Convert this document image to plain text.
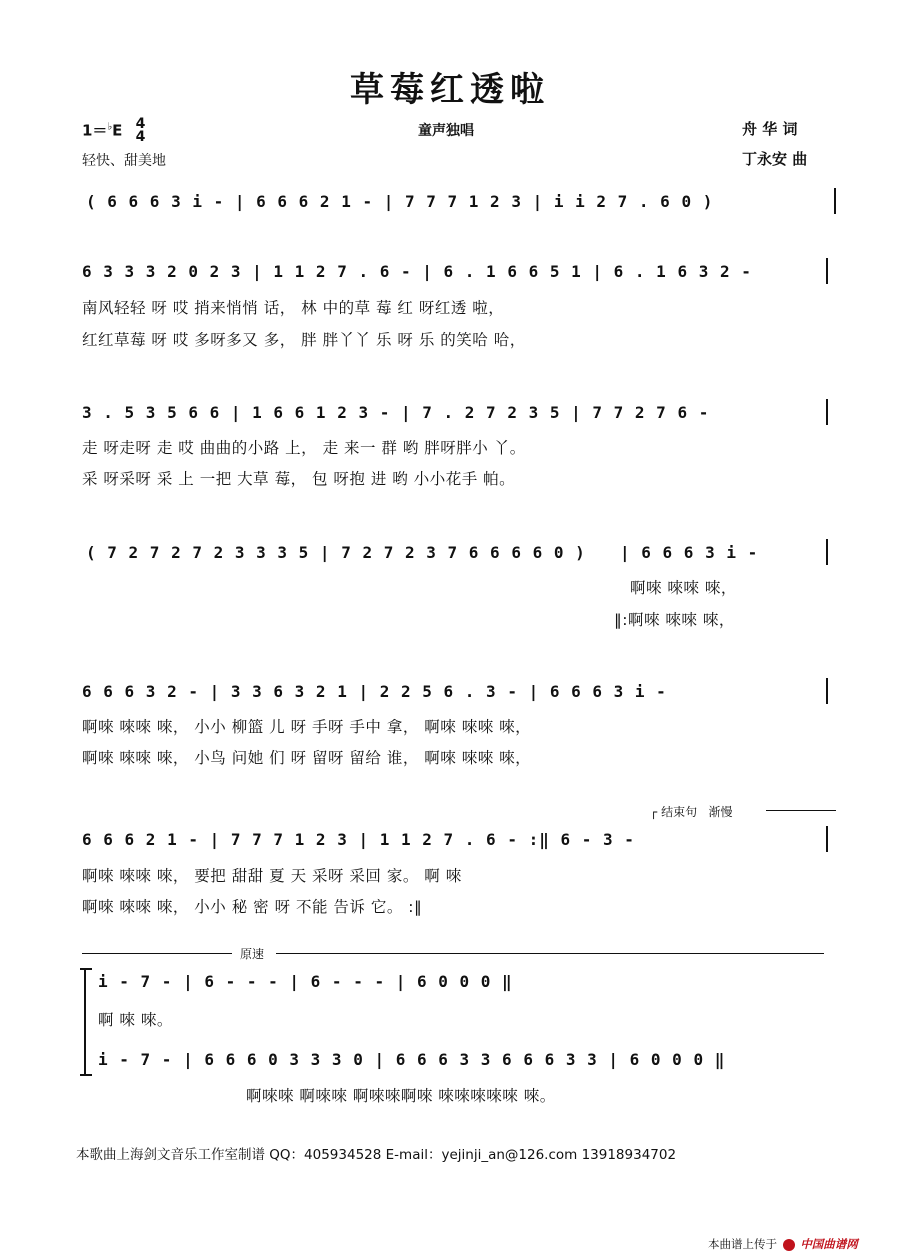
草莓红透啦
1＝♭E 4
4	童声独唱	舟 华 词
轻快、甜美地	丁永安 曲
( 6 6 6 3 i - | 6 6 6 2 1 - | 7 7 7 1 2 3 | i i 2 7 . 6 0 )
6 3 3 3 2 0 2 3 | 1 1 2 7 . 6 - | 6 . 1 6 6 5 1 | 6 . 1 6 3 2 -
南风轻轻 呀 哎 捎来悄悄 话， 林 中的草 莓 红 呀红透 啦，
红红草莓 呀 哎 多呀多又 多， 胖 胖丫丫 乐 呀 乐 的笑哈 哈，
3 . 5 3 5 6 6 | 1 6 6 1 2 3 - | 7 . 2 7 2 3 5 | 7 7 2 7 6 -
走 呀走呀 走 哎 曲曲的小路 上， 走 来一 群 哟 胖呀胖小 丫。
采 呀采呀 采 上 一把 大草 莓， 包 呀抱 进 哟 小小花手 帕。
( 7 2 7 2 7 2 3 3 3 5 | 7 2 7 2 3 7 6 6 6 6 0 ) | 6 6 6 3 i -
啊唻 唻唻 唻，
‖:啊唻 唻唻 唻，
6 6 6 3 2 - | 3 3 6 3 2 1 | 2 2 5 6 . 3 - | 6 6 6 3 i -
啊唻 唻唻 唻， 小小 柳篮 儿 呀 手呀 手中 拿， 啊唻 唻唻 唻，
啊唻 唻唻 唻， 小鸟 问她 们 呀 留呀 留给 谁， 啊唻 唻唻 唻，
┌ 结束句 渐慢
6 6 6 2 1 - | 7 7 7 1 2 3 | 1 1 2 7 . 6 - :‖ 6 - 3 -
啊唻 唻唻 唻， 要把 甜甜 夏 天 采呀 采回 家。 啊 唻
啊唻 唻唻 唻， 小小 秘 密 呀 不能 告诉 它。 :‖
原速
i - 7 - | 6 - - - | 6 - - - | 6 0 0 0 ‖
啊 唻 唻。
i - 7 - | 6 6 6 0 3 3 3 0 | 6 6 6 3 3 6 6 6 3 3 | 6 0 0 0 ‖
啊唻唻 啊唻唻 啊唻唻啊唻 唻唻唻唻唻 唻。
本歌曲上海剑文音乐工作室制谱 QQ：405934528 E-mail：yejinji_an@126.com 13918934702
本曲谱上传于 中国曲谱网
